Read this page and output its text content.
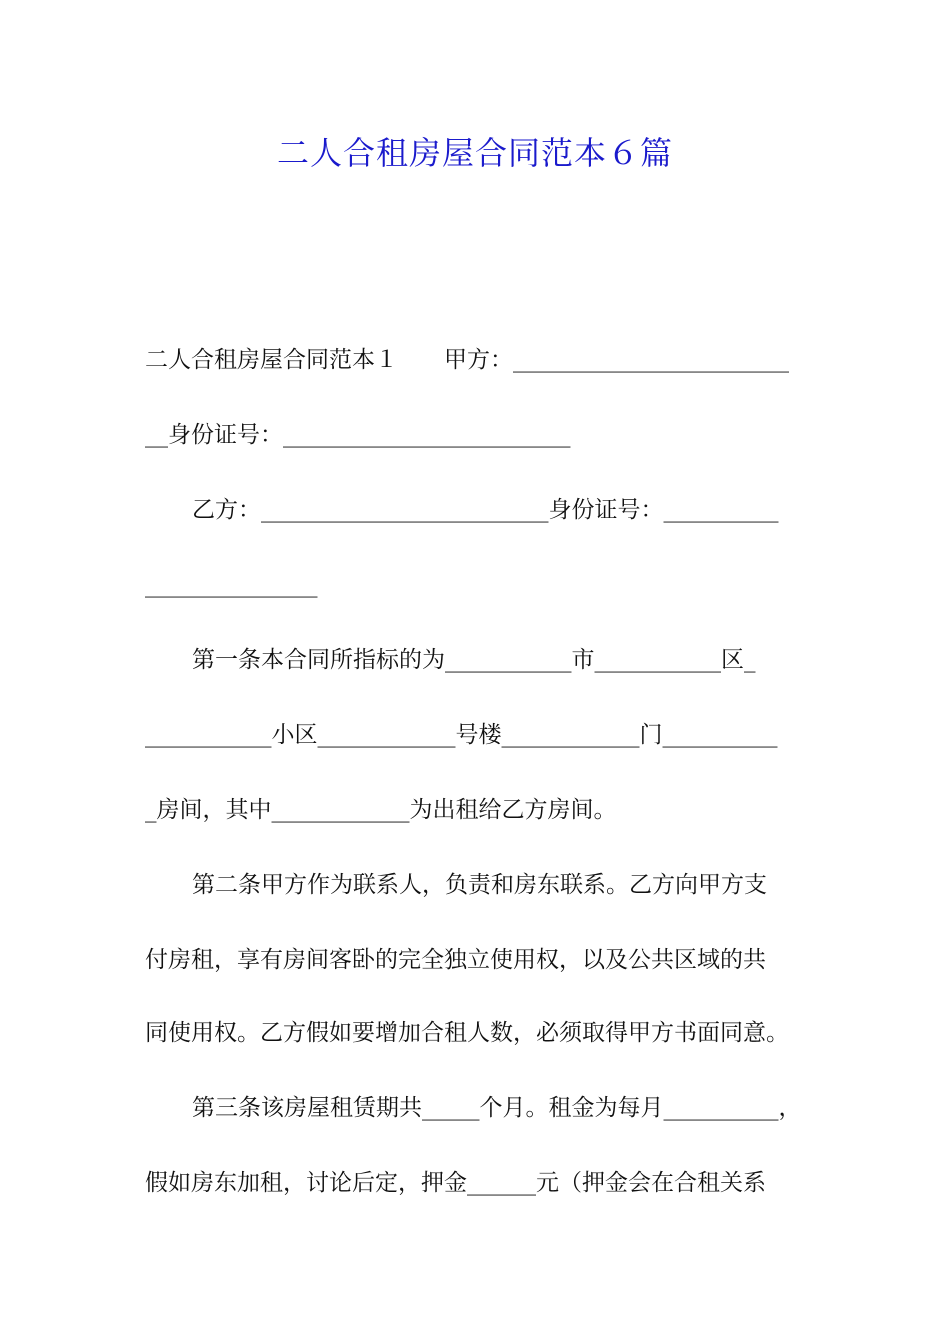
二人合租房屋合同范本６篇
二人合租房屋合同范本１　　甲方：________________________
__身份证号：_________________________
乙方：_________________________身份证号：__________
_______________
第一条本合同所指标的为___________市___________区_
___________小区____________号楼____________门__________
_房间，其中____________为出租给乙方房间。
第二条甲方作为联系人，负责和房东联系。乙方向甲方支
付房租，享有房间客卧的完全独立使用权，以及公共区域的共
同使用权。乙方假如要增加合租人数，必须取得甲方书面同意。
第三条该房屋租赁期共_____个月。租金为每月__________，
假如房东加租，讨论后定，押金______元（押金会在合租关系
